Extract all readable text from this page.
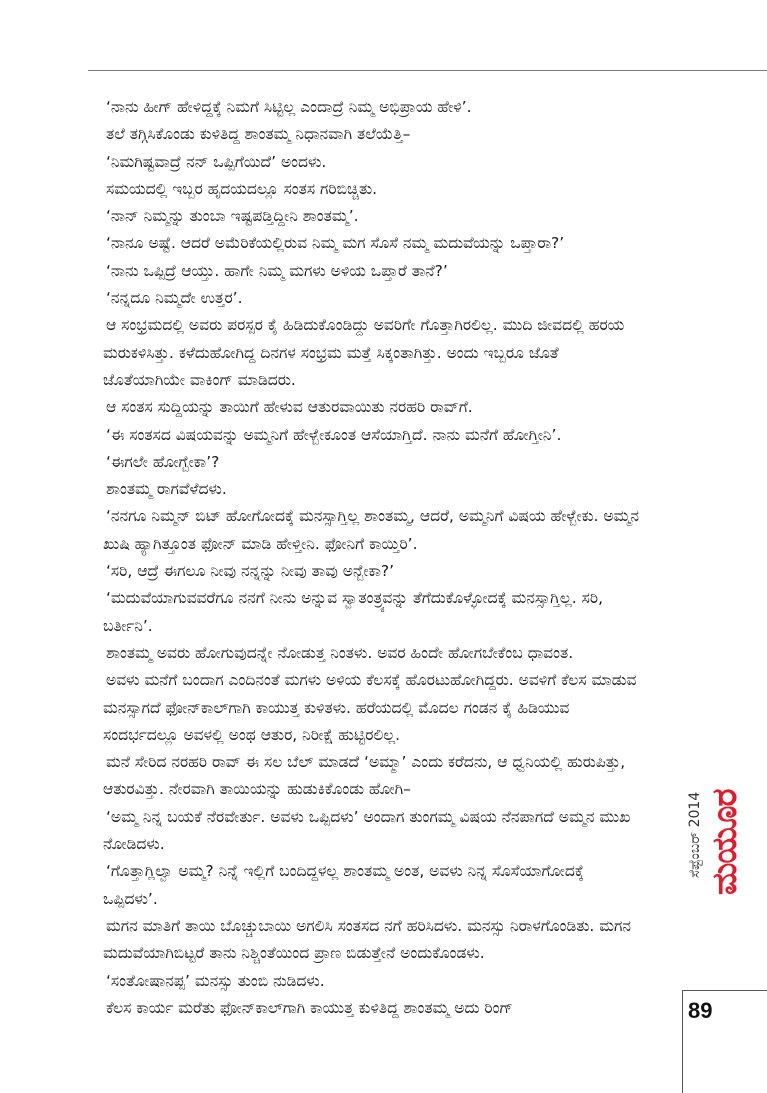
‘ನಾನು ಹೀಗ್ ಹೇಳಿದ್ದಕ್ಕೆ ನಿಮಗೆ ಸಿಟ್ಟಿಲ್ಲ ಎಂದಾದ್ರೆ ನಿಮ್ಮ ಅಭಿಪ್ರಾಯ ಹೇಳಿ’.

ತಲೆ ತಗ್ಗಿಸಿಕೊಂಡು ಕುಳಿತಿದ್ದ ಶಾಂತಮ್ಮ ನಿಧಾನವಾಗಿ ತಲೆಯೆತ್ತಿ–

‘ನಿಮಗಿಷ್ಟವಾದ್ರೆ ನನ್ ಒಪ್ಪಿಗೆಯಿದೆ’ ಅಂದಳು.

ಸಮಯದಲ್ಲಿ ಇಬ್ಬರ ಹೃದಯದಲ್ಲೂ ಸಂತಸ ಗರಿಬಿಚ್ಚಿತು.

‘ನಾನ್ ನಿಮ್ಮನ್ನು ತುಂಬಾ ಇಷ್ಟಪಡ್ತಿದ್ದೀನಿ ಶಾಂತಮ್ಮ’.

‘ನಾನೂ ಅಷ್ಟೆ. ಆದರೆ ಅಮೆರಿಕೆಯಲ್ಲಿರುವ ನಿಮ್ಮ ಮಗ ಸೊಸೆ ನಮ್ಮ ಮದುವೆಯನ್ನು ಒಪ್ತಾರಾ?’

‘ನಾನು ಒಪ್ಪಿದ್ರೆ ಆಯ್ತು. ಹಾಗೇ ನಿಮ್ಮ ಮಗಳು ಅಳಿಯ ಒಪ್ತಾರೆ ತಾನೆ?’

‘ನನ್ನದೂ ನಿಮ್ಮದೇ ಉತ್ತರ’.

ಆ ಸಂಭ್ರಮದಲ್ಲಿ ಅವರು ಪರಸ್ಪರ ಕೈ ಹಿಡಿದುಕೊಂಡಿದ್ದು ಅವರಿಗೇ ಗೊತ್ತಾಗಿರಲಿಲ್ಲ. ಮುದಿ ಜೀವದಲ್ಲಿ ಹರಯ ಮರುಕಳಿಸಿತ್ತು. ಕಳೆದುಹೋಗಿದ್ದ ದಿನಗಳ ಸಂಭ್ರಮ ಮತ್ತೆ ಸಿಕ್ಕಂತಾಗಿತ್ತು. ಅಂದು ಇಬ್ಬರೂ ಜೊತೆ ಜೊತೆಯಾಗಿಯೇ ವಾಕಿಂಗ್ ಮಾಡಿದರು.

ಆ ಸಂತಸ ಸುದ್ದಿಯನ್ನು ತಾಯಿಗೆ ಹೇಳುವ ಆತುರವಾಯಿತು ನರಹರಿ ರಾವ್‌ಗೆ.

‘ಈ ಸಂತಸದ ವಿಷಯವನ್ನು ಅಮ್ಮನಿಗೆ ಹೇಳ್ಬೇಕೂಂತ ಆಸೆಯಾಗ್ತಿದೆ. ನಾನು ಮನೆಗೆ ಹೋಗ್ತೀನಿ’.

‘ಈಗಲೇ ಹೋಗ್ಬೇಕಾ’?

ಶಾಂತಮ್ಮ ರಾಗವೆಳೆದಳು.

‘ನನಗೂ ನಿಮ್ಮನ್ ಬಿಟ್ ಹೋಗೋದಕ್ಕೆ ಮನಸ್ಸಾಗ್ತಿಲ್ಲ ಶಾಂತಮ್ಮ, ಆದರೆ, ಅಮ್ಮನಿಗೆ ವಿಷಯ ಹೇಳ್ಬೇಕು. ಅಮ್ಮನ ಖುಷಿ ಹ್ಯಾಗಿತ್ತೂಂತ ಫೋನ್ ಮಾಡಿ ಹೇಳ್ತೀನಿ. ಫೋನಿಗೆ ಕಾಯ್ತಿರಿ’.

‘ಸರಿ, ಆದ್ರೆ ಈಗಲೂ ನೀವು ನನ್ನನ್ನು ನೀವು ತಾವು ಅನ್ಬೇಕಾ?’

‘ಮದುವೆಯಾಗುವವರೆಗೂ ನನಗೆ ನೀನು ಅನ್ನುವ ಸ್ವಾತಂತ್ರ್ಯವನ್ನು ತೆಗೆದುಕೊಳ್ಳೋದಕ್ಕೆ ಮನಸ್ಸಾಗ್ತಿಲ್ಲ. ಸರಿ, ಬರ್ತೀನಿ’.

ಶಾಂತಮ್ಮ ಅವರು ಹೋಗುವುದನ್ನೇ ನೋಡುತ್ತ ನಿಂತಳು. ಅವರ ಹಿಂದೇ ಹೋಗಬೇಕೆಂಬ ಧಾವಂತ.

ಅವಳು ಮನೆಗೆ ಬಂದಾಗ ಎಂದಿನಂತೆ ಮಗಳು ಅಳಿಯ ಕೆಲಸಕ್ಕೆ ಹೊರಟುಹೋಗಿದ್ದರು. ಅವಳಿಗೆ ಕೆಲಸ ಮಾಡುವ ಮನಸ್ಸಾಗದೆ ಫೋನ್‌ಕಾಲ್‌ಗಾಗಿ ಕಾಯುತ್ತ ಕುಳಿತಳು. ಹರೆಯದಲ್ಲಿ ಮೊದಲ ಗಂಡನ ಕೈ ಹಿಡಿಯುವ ಸಂದರ್ಭದಲ್ಲೂ ಅವಳಲ್ಲಿ ಅಂಥ ಆತುರ, ನಿರೀಕ್ಷೆ ಹುಟ್ಟಿರಲಿಲ್ಲ.

ಮನೆ ಸೇರಿದ ನರಹರಿ ರಾವ್ ಈ ಸಲ ಬೆಲ್ ಮಾಡದೆ ‘ಅಮ್ಮಾ’ ಎಂದು ಕರೆದನು, ಆ ಧ್ವನಿಯಲ್ಲಿ ಹುರುಪಿತ್ತು, ಆತುರವಿತ್ತು. ನೇರವಾಗಿ ತಾಯಿಯನ್ನು ಹುಡುಕಿಕೊಂಡು ಹೋಗಿ–

‘ಅಮ್ಮ ನಿನ್ನ ಬಯಕೆ ನೆರವೇರ್ತು. ಅವಳು ಒಪ್ಪಿದಳು’ ಅಂದಾಗ ತುಂಗಮ್ಮ ವಿಷಯ ನೆನಪಾಗದೆ ಅಮ್ಮನ ಮುಖ ನೋಡಿದಳು.

‘ಗೊತ್ತಾಗ್ಲಿಲ್ವಾ ಅಮ್ಮ? ನಿನ್ನೆ ಇಲ್ಲಿಗೆ ಬಂದಿದ್ದಳಲ್ಲ ಶಾಂತಮ್ಮ ಅಂತ, ಅವಳು ನಿನ್ನ ಸೊಸೆಯಾಗೋದಕ್ಕೆ ಒಪ್ಪಿದಳು’.

ಮಗನ ಮಾತಿಗೆ ತಾಯಿ ಬೊಚ್ಚುಬಾಯಿ ಅಗಲಿಸಿ ಸಂತಸದ ನಗೆ ಹರಿಸಿದಳು. ಮನಸ್ಸು ನಿರಾಳಗೊಂಡಿತು. ಮಗನ ಮದುವೆಯಾಗಿಬಿಟ್ಟರೆ ತಾನು ನಿಶ್ಚಿಂತೆಯಿಂದ ಪ್ರಾಣ ಬಿಡುತ್ತೇನೆ ಅಂದುಕೊಂಡಳು.

‘ಸಂತೋಷಾನಪ್ಪ’ ಮನಸ್ಸು ತುಂಬಿ ನುಡಿದಳು.

ಕೆಲಸ ಕಾರ್ಯ ಮರೆತು ಫೋನ್‌ಕಾಲ್‌ಗಾಗಿ ಕಾಯುತ್ತ ಕುಳಿತಿದ್ದ ಶಾಂತಮ್ಮ ಅದು ರಿಂಗ್

ಸೆಪ್ಟೆಂಬರ್ 2014 ಮಯೂರ
89
